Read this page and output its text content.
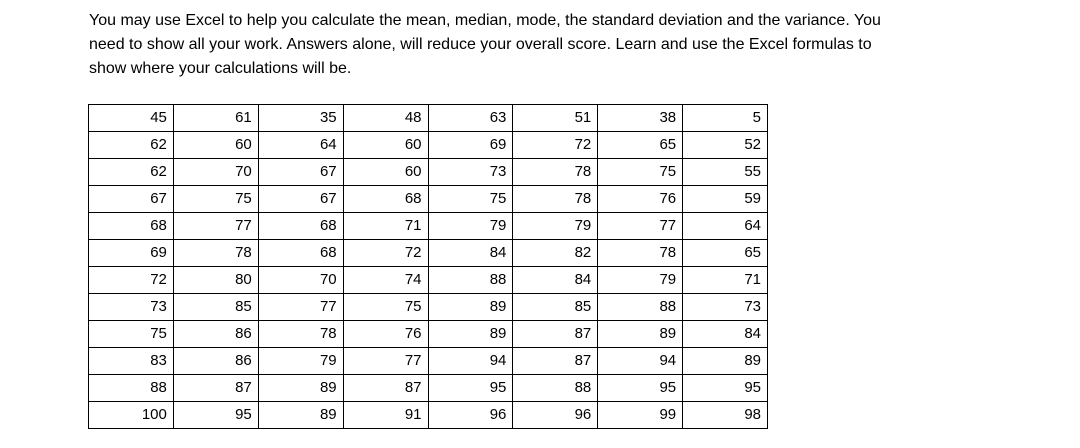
You may use Excel to help you calculate the mean, median, mode, the standard deviation and the variance. You
need to show all your work. Answers alone, will reduce your overall score. Learn and use the Excel formulas to
show where your calculations will be.

45	61	35	48	63	51	38	5
62	60	64	60	69	72	65	52
62	70	67	60	73	78	75	55
67	75	67	68	75	78	76	59
68	77	68	71	79	79	77	64
69	78	68	72	84	82	78	65
72	80	70	74	88	84	79	71
73	85	77	75	89	85	88	73
75	86	78	76	89	87	89	84
83	86	79	77	94	87	94	89
88	87	89	87	95	88	95	95
100	95	89	91	96	96	99	98
